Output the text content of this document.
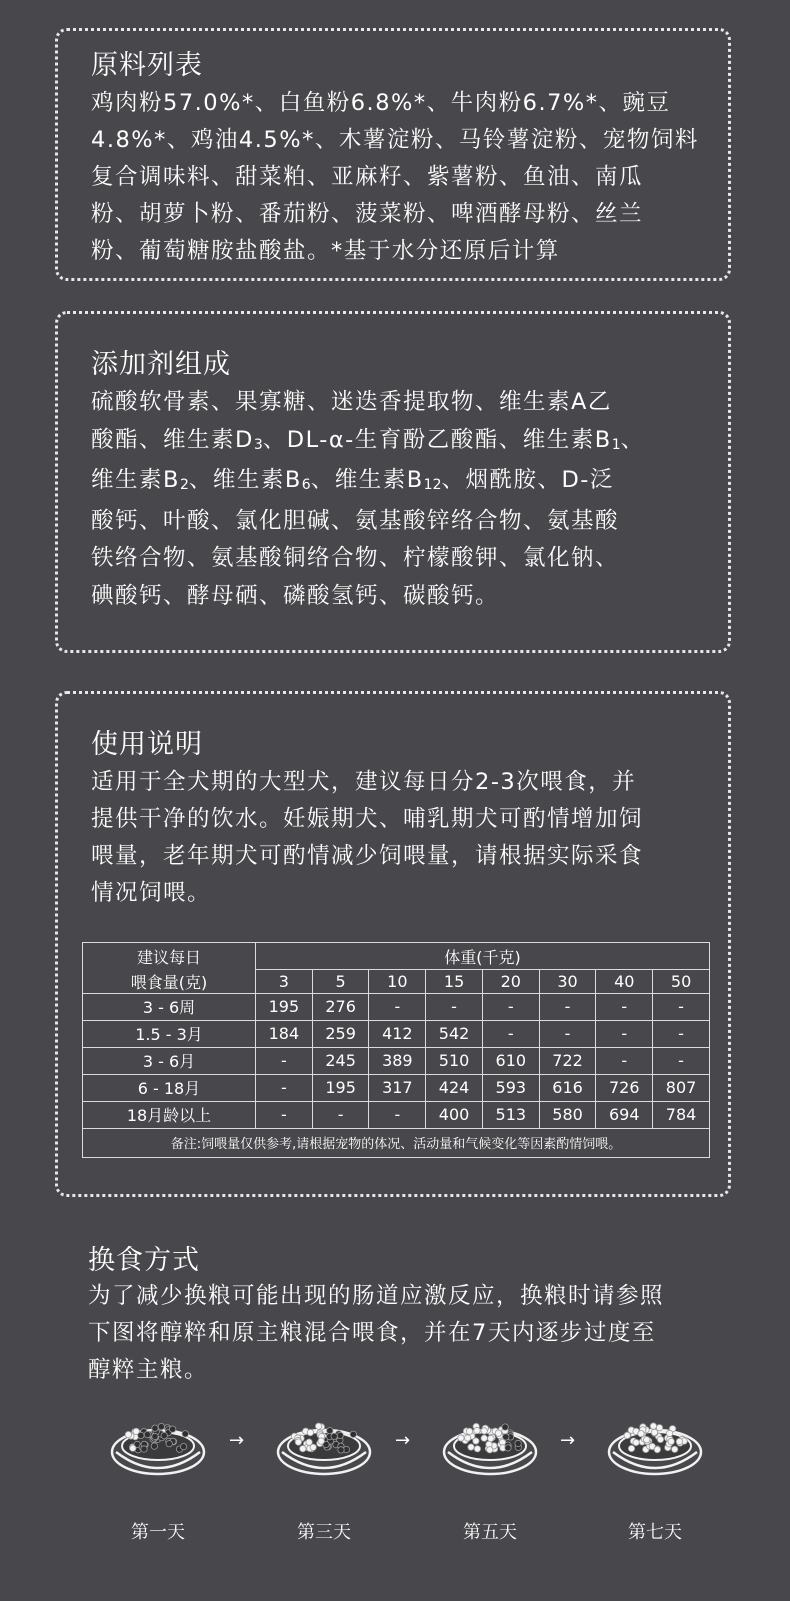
原料列表

鸡肉粉57.0%*、白鱼粉6.8%*、牛肉粉6.7%*、豌豆
4.8%*、鸡油4.5%*、木薯淀粉、马铃薯淀粉、宠物饲料
复合调味料、甜菜粕、亚麻籽、紫薯粉、鱼油、南瓜
粉、胡萝卜粉、番茄粉、菠菜粉、啤酒酵母粉、丝兰
粉、葡萄糖胺盐酸盐。*基于水分还原后计算

添加剂组成

硫酸软骨素、果寡糖、迷迭香提取物、维生素A乙
酸酯、维生素$D_3$、DL-α-生育酚乙酸酯、维生素$B_1$、
维生素$B_2$、维生素$B_6$、维生素$B_{12}$、烟酰胺、D-泛
酸钙、叶酸、氯化胆碱、氨基酸锌络合物、氨基酸
铁络合物、氨基酸铜络合物、柠檬酸钾、氯化钠、
碘酸钙、酵母硒、磷酸氢钙、碳酸钙。

使用说明

适用于全犬期的大型犬，建议每日分2-3次喂食，并
提供干净的饮水。妊娠期犬、哺乳期犬可酌情增加饲
喂量，老年期犬可酌情减少饲喂量，请根据实际采食
情况饲喂。
建议每日	体重(千克)							
喂食量(克)	3	5	10	15	20	30	40	50
3 - 6周	195	276	-	-	-	-	-	-
1.5 - 3月	184	259	412	542	-	-	-	-
3 - 6月	-	245	389	510	610	722	-	-
6 - 18月	-	195	317	424	593	616	726	807
18月龄以上	-	-	-	400	513	580	694	784
备注:饲喂量仅供参考,请根据宠物的体况、活动量和气候变化等因素酌情饲喂。								

换食方式

为了减少换粮可能出现的肠道应激反应，换粮时请参照
下图将醇粹和原主粮混合喂食，并在7天内逐步过度至
醇粹主粮。
第一天	第三天	第五天	第七天
→	→	→
